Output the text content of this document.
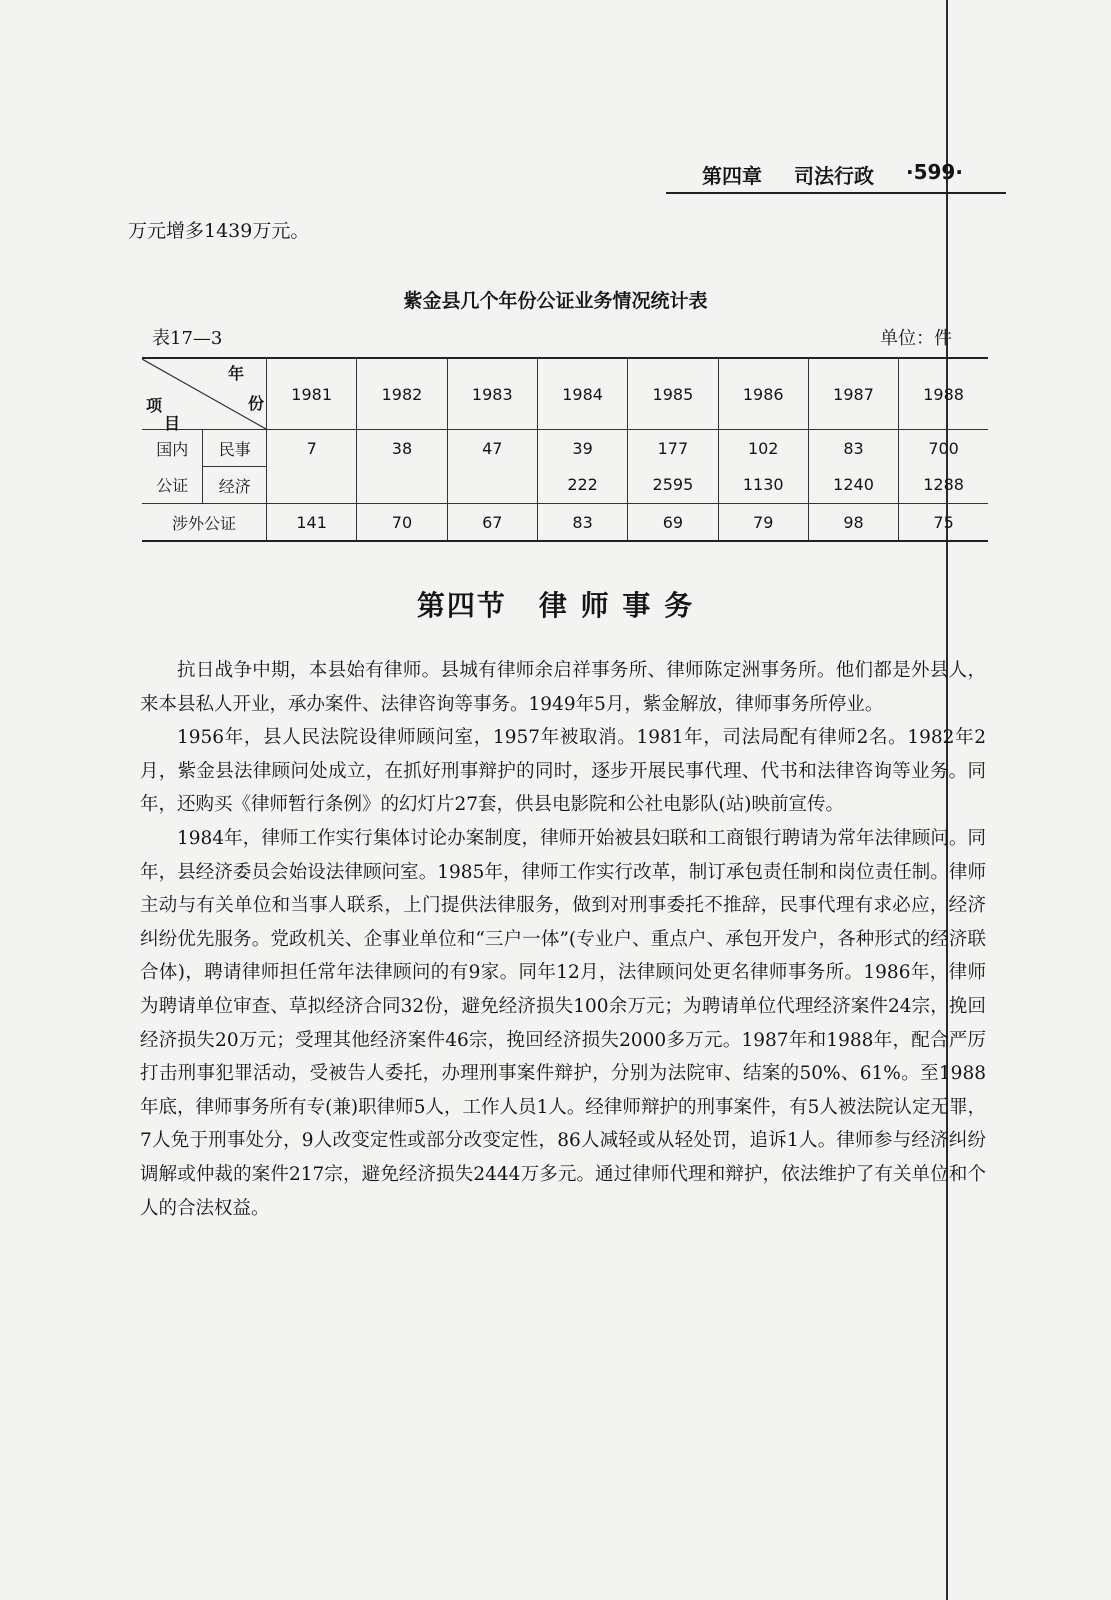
第四章 司法行政 ·599·
万元增多1439万元。
紫金县几个年份公证业务情况统计表
表17—3	单位：件
年
份
项
目		1981	1982	1983	1984	1985	1986	1987	1988
国内	民事	7	38	47	39	177	102	83	700
公证	经济				222	2595	1130	1240	1288
涉外公证		141	70	67	83	69	79	98	75
第四节 律 师 事 务

抗日战争中期，本县始有律师。县城有律师余启祥事务所、律师陈定洲事务所。他们都是外县人，来本县私人开业，承办案件、法律咨询等事务。1949年5月，紫金解放，律师事务所停业。

1956年，县人民法院设律师顾问室，1957年被取消。1981年，司法局配有律师2名。1982年2月，紫金县法律顾问处成立，在抓好刑事辩护的同时，逐步开展民事代理、代书和法律咨询等业务。同年，还购买《律师暂行条例》的幻灯片27套，供县电影院和公社电影队(站)映前宣传。

1984年，律师工作实行集体讨论办案制度，律师开始被县妇联和工商银行聘请为常年法律顾问。同年，县经济委员会始设法律顾问室。1985年，律师工作实行改革，制订承包责任制和岗位责任制。律师主动与有关单位和当事人联系，上门提供法律服务，做到对刑事委托不推辞，民事代理有求必应，经济纠纷优先服务。党政机关、企事业单位和“三户一体”(专业户、重点户、承包开发户，各种形式的经济联合体)，聘请律师担任常年法律顾问的有9家。同年12月，法律顾问处更名律师事务所。1986年，律师为聘请单位审查、草拟经济合同32份，避免经济损失100余万元；为聘请单位代理经济案件24宗，挽回经济损失20万元；受理其他经济案件46宗，挽回经济损失2000多万元。1987年和1988年，配合严厉打击刑事犯罪活动，受被告人委托，办理刑事案件辩护，分别为法院审、结案的50%、61%。至1988年底，律师事务所有专(兼)职律师5人，工作人员1人。经律师辩护的刑事案件，有5人被法院认定无罪，7人免于刑事处分，9人改变定性或部分改变定性，86人减轻或从轻处罚，追诉1人。律师参与经济纠纷调解或仲裁的案件217宗，避免经济损失2444万多元。通过律师代理和辩护，依法维护了有关单位和个人的合法权益。
